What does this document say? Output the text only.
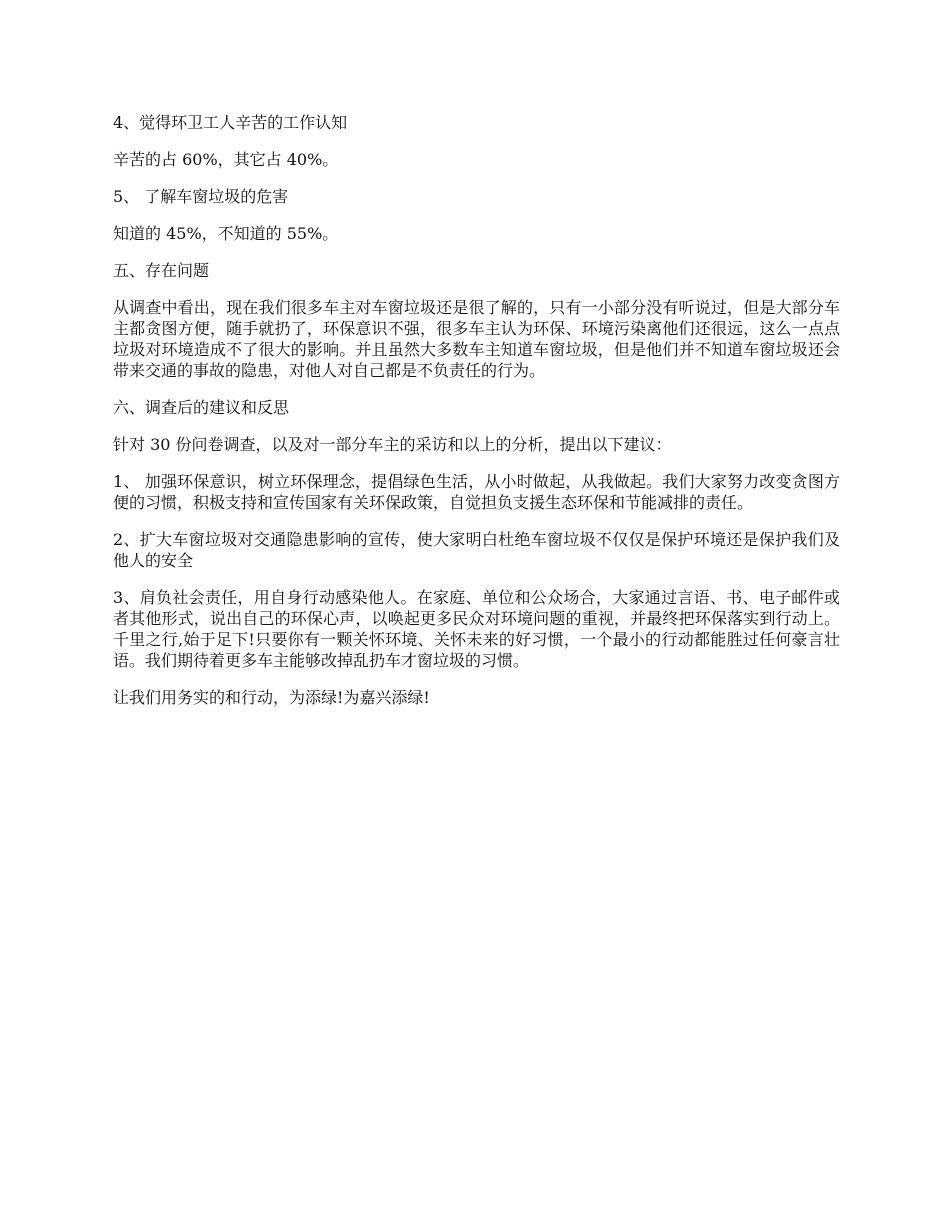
4、觉得环卫工人辛苦的工作认知

辛苦的占 60%，其它占 40%。

5、 了解车窗垃圾的危害

知道的 45%，不知道的 55%。

五、存在问题

从调查中看出，现在我们很多车主对车窗垃圾还是很了解的，只有一小部分没有听说过，但是大部分车主都贪图方便，随手就扔了，环保意识不强，很多车主认为环保、环境污染离他们还很远，这么一点点垃圾对环境造成不了很大的影响。并且虽然大多数车主知道车窗垃圾，但是他们并不知道车窗垃圾还会带来交通的事故的隐患，对他人对自己都是不负责任的行为。

六、调查后的建议和反思

针对 30 份问卷调查，以及对一部分车主的采访和以上的分析，提出以下建议：

1、 加强环保意识，树立环保理念，提倡绿色生活，从小时做起，从我做起。我们大家努力改变贪图方便的习惯，积极支持和宣传国家有关环保政策，自觉担负支援生态环保和节能减排的责任。

2、扩大车窗垃圾对交通隐患影响的宣传，使大家明白杜绝车窗垃圾不仅仅是保护环境还是保护我们及他人的安全

3、肩负社会责任，用自身行动感染他人。在家庭、单位和公众场合，大家通过言语、书、电子邮件或者其他形式，说出自己的环保心声，以唤起更多民众对环境问题的重视，并最终把环保落实到行动上。千里之行,始于足下!只要你有一颗关怀环境、关怀未来的好习惯，一个最小的行动都能胜过任何豪言壮语。我们期待着更多车主能够改掉乱扔车才窗垃圾的习惯。

让我们用务实的和行动，为添绿!为嘉兴添绿!
